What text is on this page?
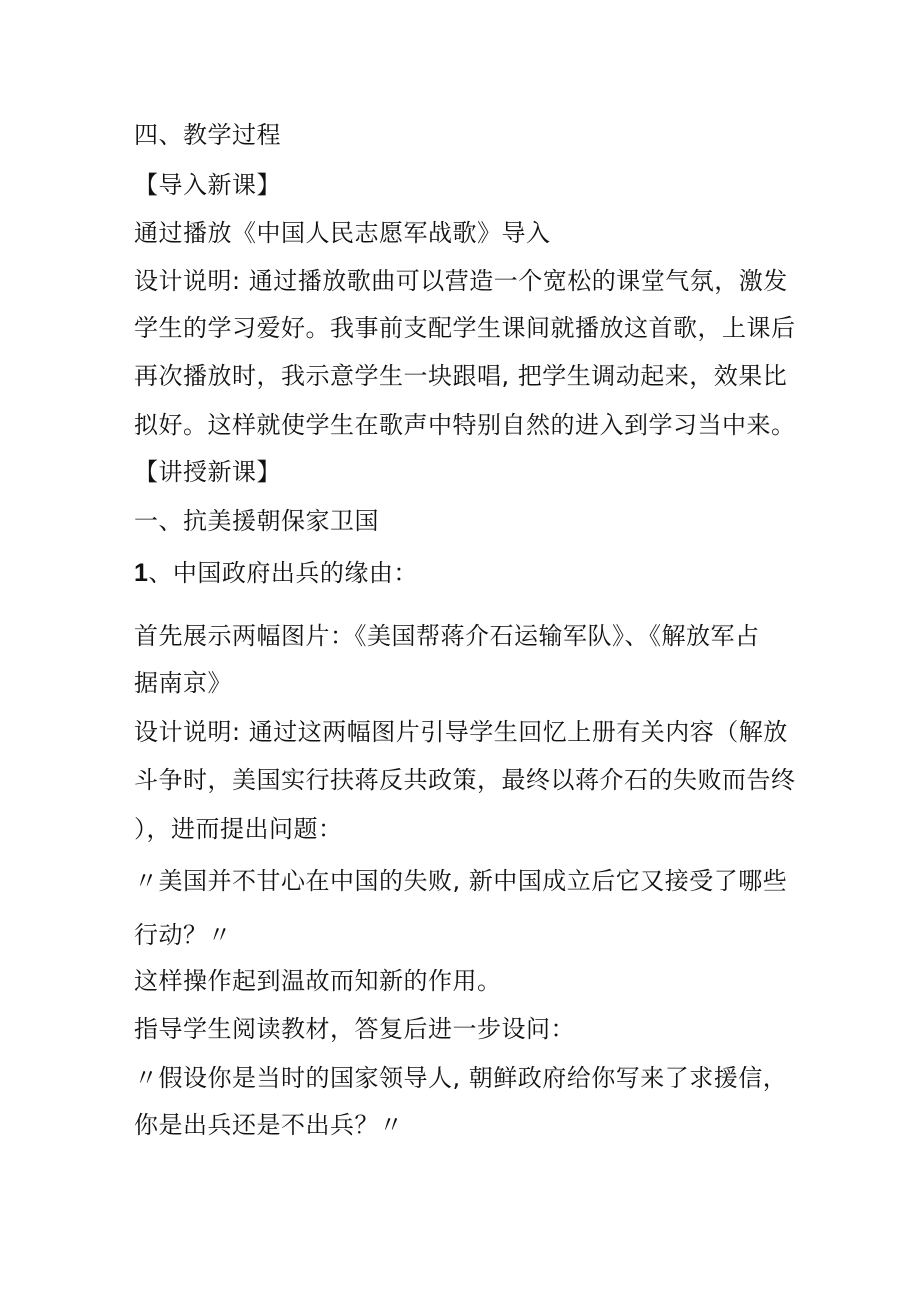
四、教学过程
【导入新课】
通过播放《中国人民志愿军战歌》导入
设计说明: 通过播放歌曲可以营造一个宽松的课堂气氛，激发
学生的学习爱好。我事前支配学生课间就播放这首歌，上课后
再次播放时，我示意学生一块跟唱, 把学生调动起来，效果比
拟好。这样就使学生在歌声中特别自然的进入到学习当中来。
【讲授新课】
一、抗美援朝保家卫国
1、中国政府出兵的缘由：
首先展示两幅图片：《美国帮蒋介石运输军队》、《解放军占
据南京》
设计说明: 通过这两幅图片引导学生回忆上册有关内容（解放
斗争时，美国实行扶蒋反共政策，最终以蒋介石的失败而告终
），进而提出问题：
〃美国并不甘心在中国的失败, 新中国成立后它又接受了哪些
行动？〃
这样操作起到温故而知新的作用。
指导学生阅读教材，答复后进一步设问：
〃假设你是当时的国家领导人, 朝鲜政府给你写来了求援信，
你是出兵还是不出兵？〃
